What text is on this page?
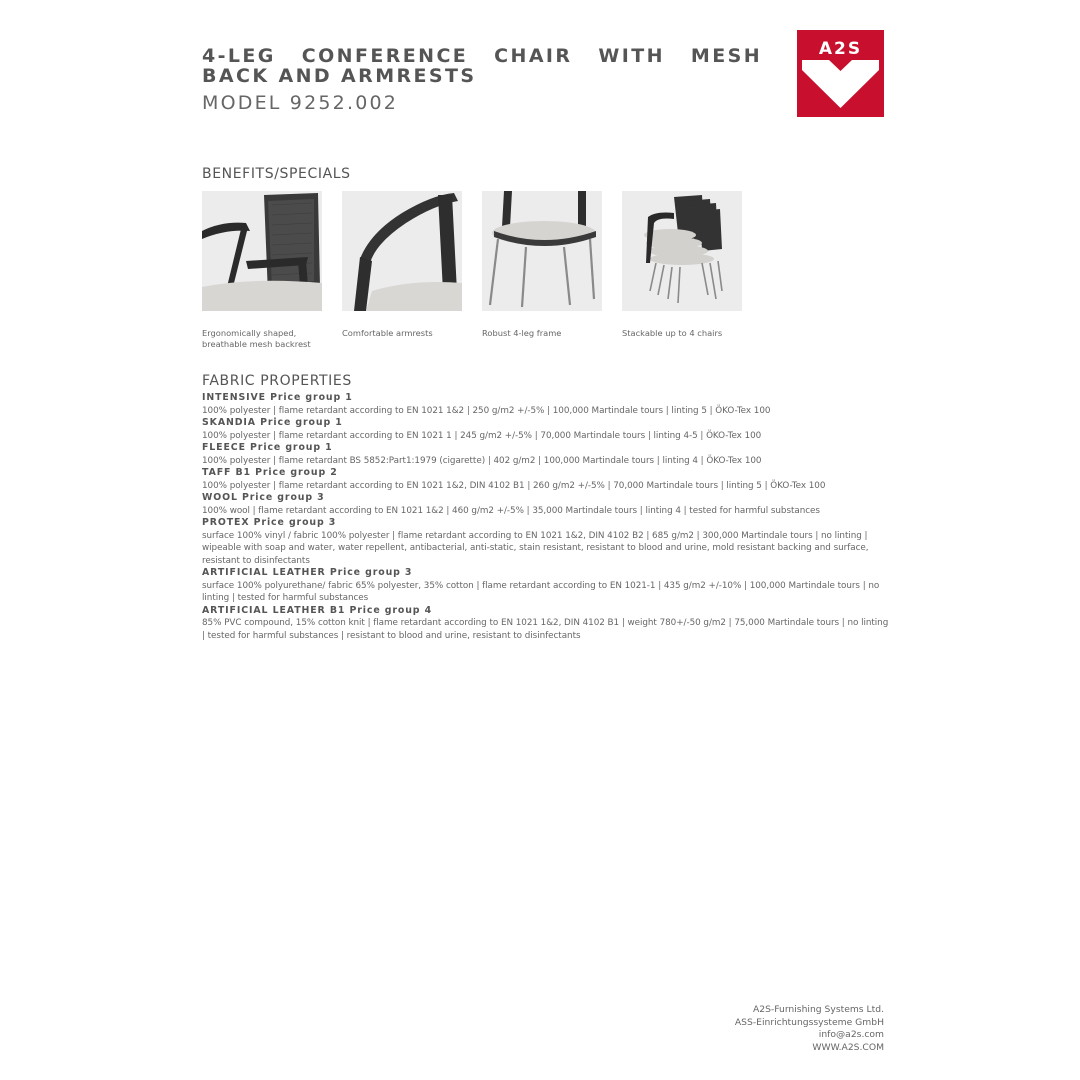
4-LEG CONFERENCE CHAIR WITH MESH BACK AND ARMRESTS
MODEL 9252.002
A2S
BENEFITS/SPECIALS
Ergonomically shaped, breathable mesh backrest
Comfortable armrests	Robust 4-leg frame	Stackable up to 4 chairs
FABRIC PROPERTIES
INTENSIVE Price group 1
100% polyester | flame retardant according to EN 1021 1&2 | 250 g/m2 +/-5% | 100,000 Martindale tours | linting 5 | ÖKO-Tex 100
SKANDIA Price group 1
100% polyester | flame retardant according to EN 1021 1 | 245 g/m2 +/-5% | 70,000 Martindale tours | linting 4-5 | ÖKO-Tex 100
FLEECE Price group 1
100% polyester | flame retardant BS 5852:Part1:1979 (cigarette) | 402 g/m2 | 100,000 Martindale tours | linting 4 | ÖKO-Tex 100
TAFF B1 Price group 2
100% polyester | flame retardant according to EN 1021 1&2, DIN 4102 B1 | 260 g/m2 +/-5% | 70,000 Martindale tours | linting 5 | ÖKO-Tex 100
WOOL Price group 3
100% wool | flame retardant according to EN 1021 1&2 | 460 g/m2 +/-5% | 35,000 Martindale tours | linting 4 | tested for harmful substances
PROTEX Price group 3
surface 100% vinyl / fabric 100% polyester | flame retardant according to EN 1021 1&2, DIN 4102 B2 | 685 g/m2 | 300,000 Martindale tours | no linting | wipeable with soap and water, water repellent, antibacterial, anti-static, stain resistant, resistant to blood and urine, mold resistant backing and surface, resistant to disinfectants
ARTIFICIAL LEATHER Price group 3
surface 100% polyurethane/ fabric 65% polyester, 35% cotton | flame retardant according to EN 1021-1 | 435 g/m2 +/-10% | 100,000 Martindale tours | no linting | tested for harmful substances
ARTIFICIAL LEATHER B1 Price group 4
85% PVC compound, 15% cotton knit | flame retardant according to EN 1021 1&2, DIN 4102 B1 | weight 780+/-50 g/m2 | 75,000 Martindale tours | no linting | tested for harmful substances | resistant to blood and urine, resistant to disinfectants
A2S-Furnishing Systems Ltd.
ASS-Einrichtungssysteme GmbH
info@a2s.com
WWW.A2S.COM
